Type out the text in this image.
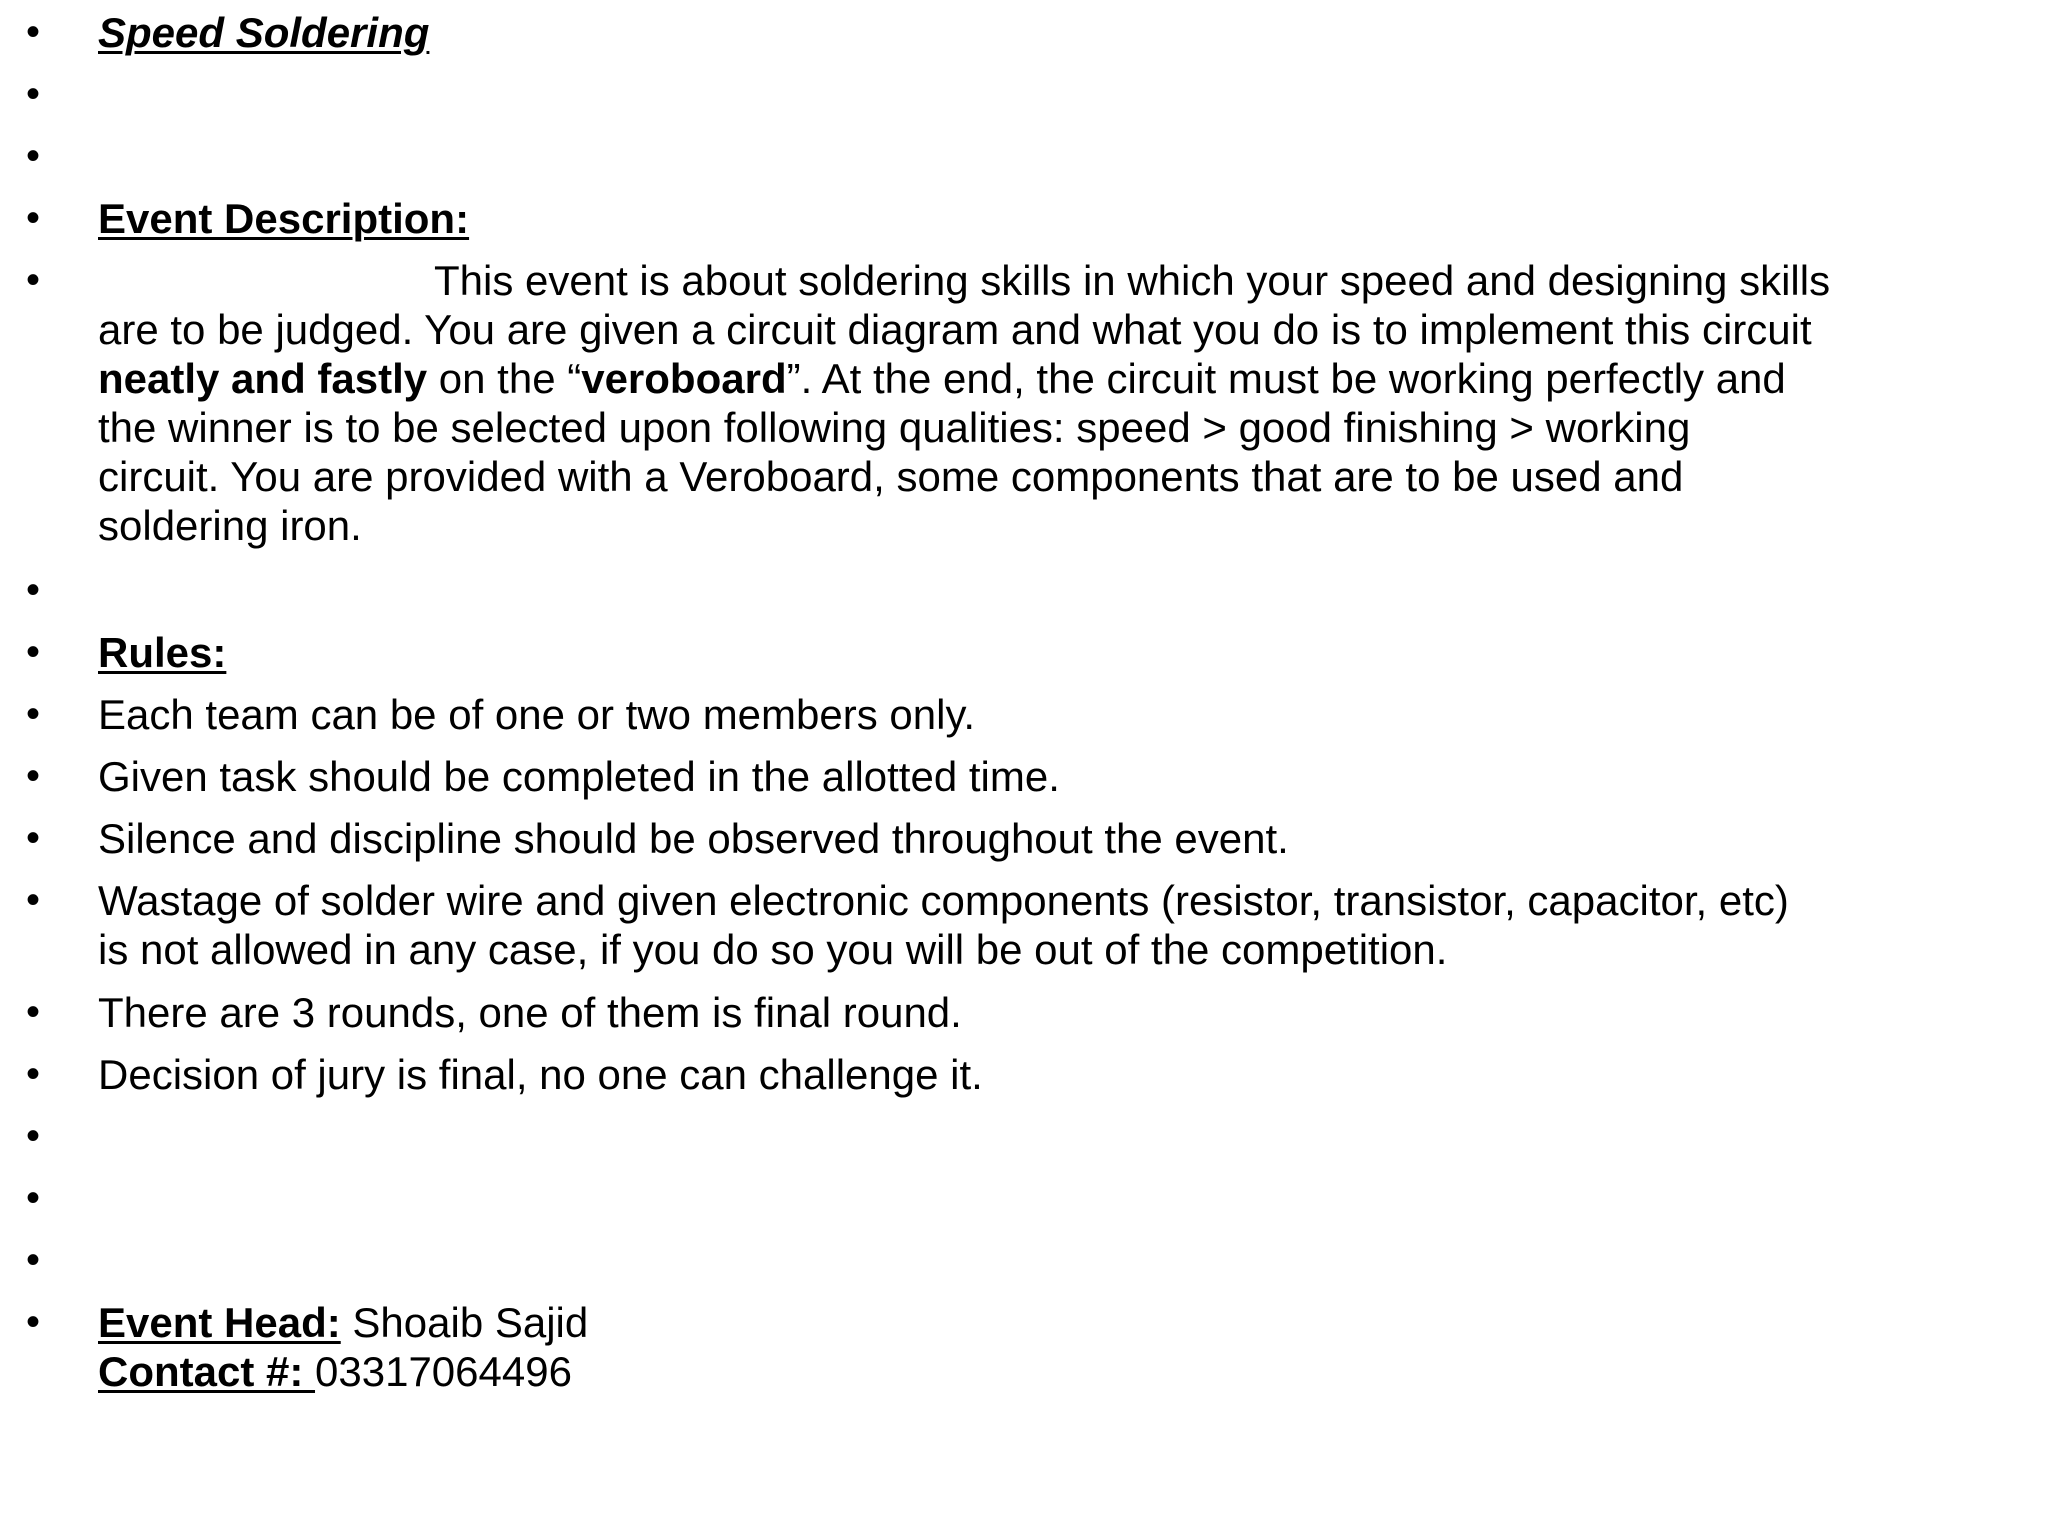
•	Speed Soldering
•
•
•	Event Description:
•	This event is about soldering skills in which your speed and designing skills
are to be judged. You are given a circuit diagram and what you do is to implement this circuit
neatly and fastly on the “veroboard”. At the end, the circuit must be working perfectly and
the winner is to be selected upon following qualities: speed > good finishing > working
circuit. You are provided with a Veroboard, some components that are to be used and
soldering iron.
•
•	Rules:
•	Each team can be of one or two members only.
•	Given task should be completed in the allotted time.
•	Silence and discipline should be observed throughout the event.
•	Wastage of solder wire and given electronic components (resistor, transistor, capacitor, etc)
is not allowed in any case, if you do so you will be out of the competition.
•	There are 3 rounds, one of them is final round.
•	Decision of jury is final, no one can challenge it.
•
•
•
•	Event Head: Shoaib Sajid
Contact #: 03317064496
